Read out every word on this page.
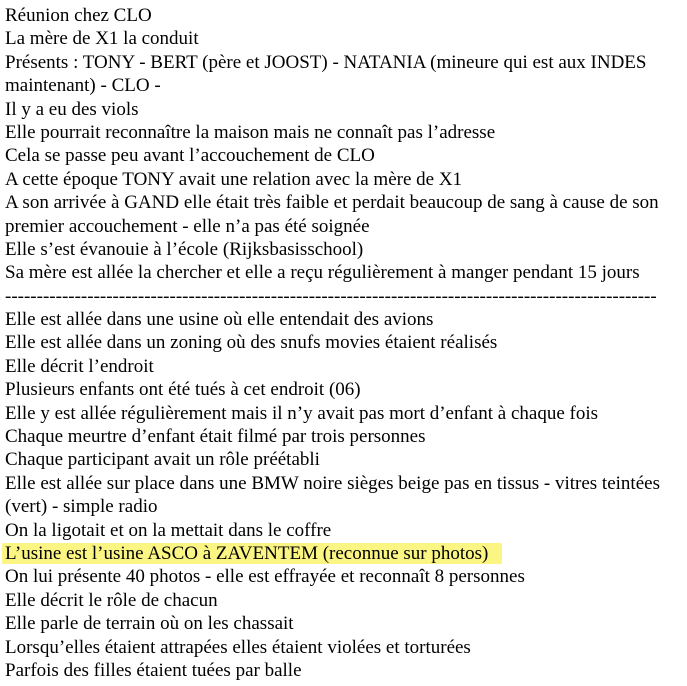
Réunion chez CLO
La mère de X1 la conduit
Présents : TONY - BERT (père et JOOST) - NATANIA (mineure qui est aux INDES
maintenant) - CLO -
Il y a eu des viols
Elle pourrait reconnaître la maison mais ne connaît pas l’adresse
Cela se passe peu avant l’accouchement de CLO
A cette époque TONY avait une relation avec la mère de X1
A son arrivée à GAND elle était très faible et perdait beaucoup de sang à cause de son
premier accouchement - elle n’a pas été soignée
Elle s’est évanouie à l’école (Rijksbasisschool)
Sa mère est allée la chercher et elle a reçu régulièrement à manger pendant 15 jours
-------------------------------------------------------------------------------------------------------
Elle est allée dans une usine où elle entendait des avions
Elle est allée dans un zoning où des snufs movies étaient réalisés
Elle décrit l’endroit
Plusieurs enfants ont été tués à cet endroit (06)
Elle y est allée régulièrement mais il n’y avait pas mort d’enfant à chaque fois
Chaque meurtre d’enfant était filmé par trois personnes
Chaque participant avait un rôle préétabli
Elle est allée sur place dans une BMW noire sièges beige pas en tissus - vitres teintées
(vert) - simple radio
On la ligotait et on la mettait dans le coffre
L’usine est l’usine ASCO à ZAVENTEM (reconnue sur photos)
On lui présente 40 photos - elle est effrayée et reconnaît 8 personnes
Elle décrit le rôle de chacun
Elle parle de terrain où on les chassait
Lorsqu’elles étaient attrapées elles étaient violées et torturées
Parfois des filles étaient tuées par balle
